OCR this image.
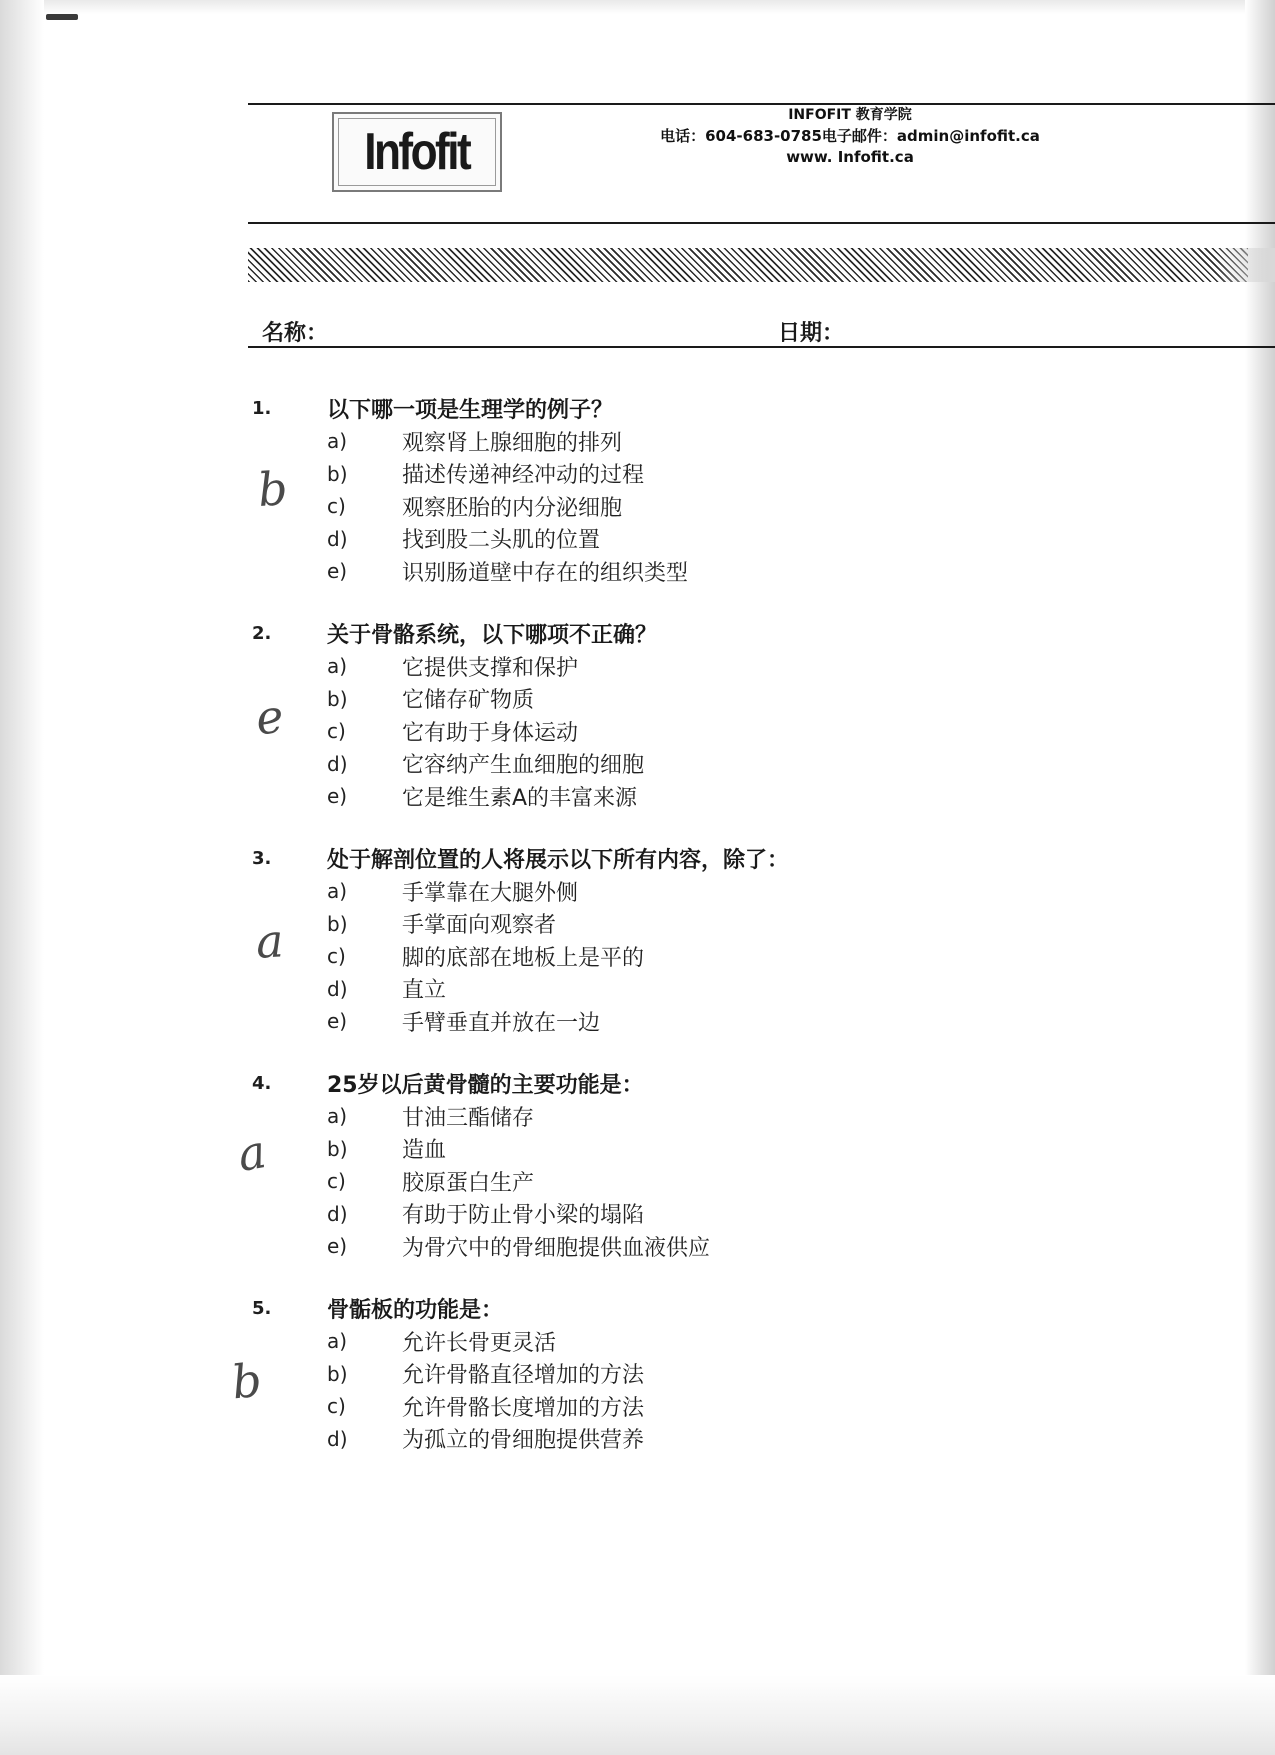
Infofit
INFOFIT 教育学院
电话：604-683-0785电子邮件：admin@infofit.ca
www. Infofit.ca
名称：	日期：
1.	以下哪一项是生理学的例子？
a)	观察肾上腺细胞的排列
b)	描述传递神经冲动的过程
c)	观察胚胎的内分泌细胞
d)	找到股二头肌的位置
e)	识别肠道壁中存在的组织类型
2.	关于骨骼系统，以下哪项不正确？
a)	它提供支撑和保护
b)	它储存矿物质
c)	它有助于身体运动
d)	它容纳产生血细胞的细胞
e)	它是维生素A的丰富来源
3.	处于解剖位置的人将展示以下所有内容，除了：
a)	手掌靠在大腿外侧
b)	手掌面向观察者
c)	脚的底部在地板上是平的
d)	直立
e)	手臂垂直并放在一边
4.	25岁以后黄骨髓的主要功能是：
a)	甘油三酯储存
b)	造血
c)	胶原蛋白生产
d)	有助于防止骨小梁的塌陷
e)	为骨穴中的骨细胞提供血液供应
5.	骨骺板的功能是：
a)	允许长骨更灵活
b)	允许骨骼直径增加的方法
c)	允许骨骼长度增加的方法
d)	为孤立的骨细胞提供营养
b
e
a
a
b
